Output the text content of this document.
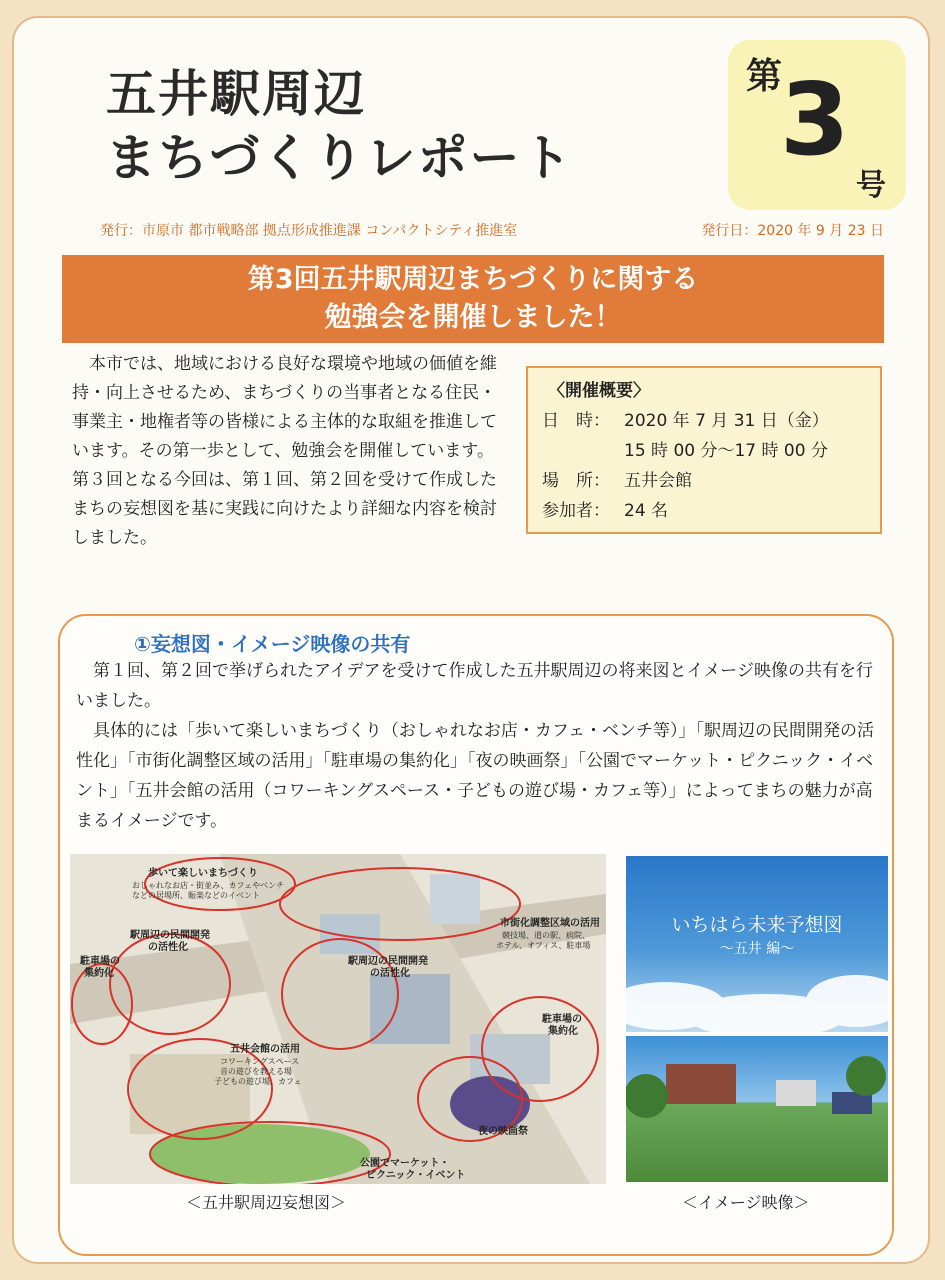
五井駅周辺
まちづくりレポート
第
3
号
発行：市原市 都市戦略部 拠点形成推進課 コンパクトシティ推進室	発行日：2020 年 9 月 23 日
第3回五井駅周辺まちづくりに関する
勉強会を開催しました！

本市では、地域における良好な環境や地域の価値を維持・向上させるため、まちづくりの当事者となる住民・事業主・地権者等の皆様による主体的な取組を推進しています。その第一歩として、勉強会を開催しています。第３回となる今回は、第１回、第２回を受けて作成したまちの妄想図を基に実践に向けたより詳細な内容を検討しました。

〈開催概要〉
日　時： 2020 年 7 月 31 日（金）
15 時 00 分～17 時 00 分
場　所： 五井会館
参加者： 24 名
①妄想図・イメージ映像の共有

第１回、第２回で挙げられたアイデアを受けて作成した五井駅周辺の将来図とイメージ映像の共有を行いました。

具体的には「歩いて楽しいまちづくり（おしゃれなお店・カフェ・ベンチ等）」「駅周辺の民間開発の活性化」「市街化調整区域の活用」「駐車場の集約化」「夜の映画祭」「公園でマーケット・ピクニック・イベント」「五井会館の活用（コワーキングスペース・子どもの遊び場・カフェ等）」によってまちの魅力が高まるイメージです。

歩いて楽しいまちづくり
おしゃれなお店・街並み、カフェやベンチ
などの居場所、賑楽などのイベント
駅周辺の民間開発
の活性化
駐車場の
集約化
市街化調整区域の活用
競技場、道の駅、病院、
ホテル、オフィス、駐車場
駅周辺の民間開発
の活性化
駐車場の
集約化
五井会館の活用
コワーキングスペース
音の遊びを教える場
子どもの遊び場、カフェ
夜の映画祭
公園でマーケット・
ピクニック・イベント
＜五井駅周辺妄想図＞
いちはら未来予想図
～五井 編～
＜イメージ映像＞
